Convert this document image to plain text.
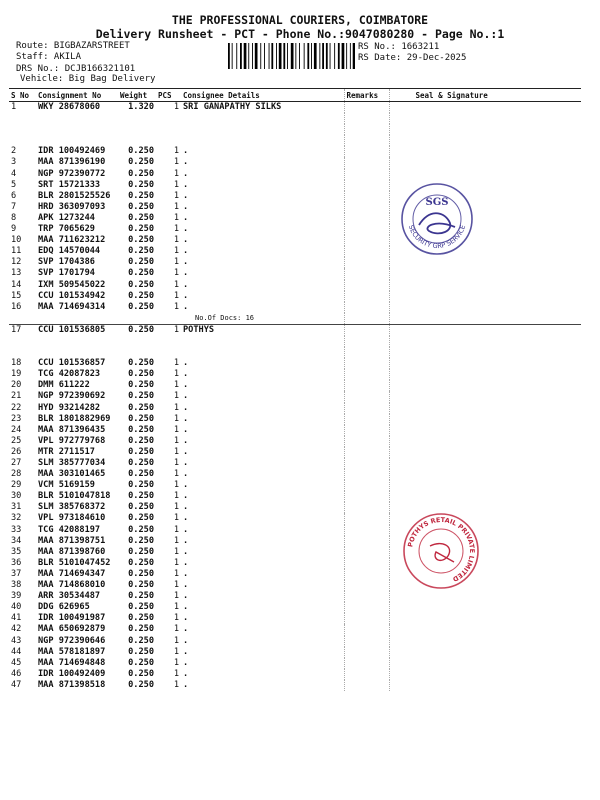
THE PROFESSIONAL COURIERS, COIMBATORE
Delivery Runsheet - PCT - Phone No.:9047080280 - Page No.:1
Route: BIGBAZARSTREET
Staff: AKILA
DRS No.: DCJB166321101
Vehicle: Big Bag Delivery
RS No.: 1663211
RS Date: 29-Dec-2025
S No	Consignment No	Weight	PCS	Consignee Details	Remarks	Seal & Signature
1	WKY 28678060	1.320	1	SRI GANAPATHY SILKS		

2	IDR 100492469	0.250	1	.		
3	MAA 871396190	0.250	1	.		
4	NGP 972390772	0.250	1	.		
5	SRT 15721333	0.250	1	.		
6	BLR 2801525526	0.250	1	.		
7	HRD 363097093	0.250	1	.		
8	APK 1273244	0.250	1	.		
9	TRP 7065629	0.250	1	.		
10	MAA 711623212	0.250	1	.		
11	EDQ 14570044	0.250	1	.		
12	SVP 1704386	0.250	1	.		
13	SVP 1701794	0.250	1	.		
14	IXM 509545022	0.250	1	.		
15	CCU 101534942	0.250	1	.		
16	MAA 714694314	0.250	1	.		
				No.Of Docs: 16		
17	CCU 101536805	0.250	1	POTHYS		

18	CCU 101536857	0.250	1	.		
19	TCG 42087823	0.250	1	.		
20	DMM 611222	0.250	1	.		
21	NGP 972390692	0.250	1	.		
22	HYD 93214282	0.250	1	.		
23	BLR 1801882969	0.250	1	.		
24	MAA 871396435	0.250	1	.		
25	VPL 972779768	0.250	1	.		
26	MTR 2711517	0.250	1	.		
27	SLM 385777034	0.250	1	.		
28	MAA 303101465	0.250	1	.		
29	VCM 5169159	0.250	1	.		
30	BLR 5101047818	0.250	1	.		
31	SLM 385768372	0.250	1	.		
32	VPL 973184610	0.250	1	.		
33	TCG 42088197	0.250	1	.		
34	MAA 871398751	0.250	1	.		
35	MAA 871398760	0.250	1	.		
36	BLR 5101047452	0.250	1	.		
37	MAA 714694347	0.250	1	.		
38	MAA 714868010	0.250	1	.		
39	ARR 30534487	0.250	1	.		
40	DDG 626965	0.250	1	.		
41	IDR 100491987	0.250	1	.		
42	MAA 650692879	0.250	1	.		
43	NGP 972390646	0.250	1	.		
44	MAA 578181897	0.250	1	.		
45	MAA 714694848	0.250	1	.		
46	IDR 100492409	0.250	1	.		
47	MAA 871398518	0.250	1	.		
SGS
SECURITY GRP SERVICE
POTHYS RETAIL PRIVATE LIMITED
